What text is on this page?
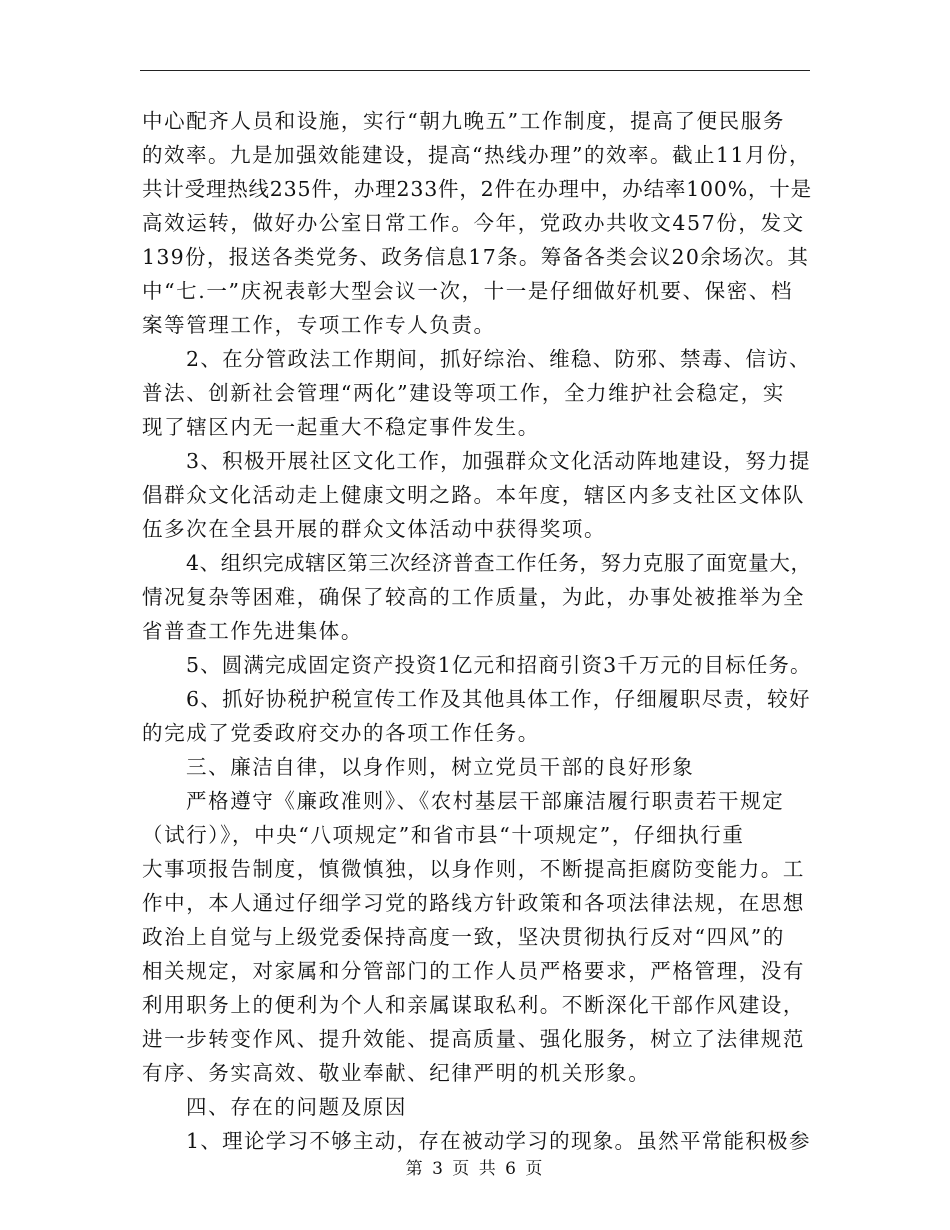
中心配齐人员和设施，实行“朝九晚五”工作制度，提高了便民服务
的效率。九是加强效能建设，提高“热线办理”的效率。截止11月份，
共计受理热线235件，办理233件，2件在办理中，办结率100%，十是
高效运转，做好办公室日常工作。今年，党政办共收文457份，发文
139份，报送各类党务、政务信息17条。筹备各类会议20余场次。其
中“七.一”庆祝表彰大型会议一次，十一是仔细做好机要、保密、档
案等管理工作，专项工作专人负责。
2、在分管政法工作期间，抓好综治、维稳、防邪、禁毒、信访、
普法、创新社会管理“两化”建设等项工作，全力维护社会稳定，实
现了辖区内无一起重大不稳定事件发生。
3、积极开展社区文化工作，加强群众文化活动阵地建设，努力提
倡群众文化活动走上健康文明之路。本年度，辖区内多支社区文体队
伍多次在全县开展的群众文体活动中获得奖项。
4、组织完成辖区第三次经济普查工作任务，努力克服了面宽量大，
情况复杂等困难，确保了较高的工作质量，为此，办事处被推举为全
省普查工作先进集体。
5、圆满完成固定资产投资1亿元和招商引资3千万元的目标任务。
6、抓好协税护税宣传工作及其他具体工作，仔细履职尽责，较好
的完成了党委政府交办的各项工作任务。
三、廉洁自律，以身作则，树立党员干部的良好形象
严格遵守《廉政准则》、《农村基层干部廉洁履行职责若干规定
（试行）》，中央“八项规定”和省市县“十项规定”，仔细执行重
大事项报告制度，慎微慎独，以身作则，不断提高拒腐防变能力。工
作中，本人通过仔细学习党的路线方针政策和各项法律法规，在思想
政治上自觉与上级党委保持高度一致，坚决贯彻执行反对“四风”的
相关规定，对家属和分管部门的工作人员严格要求，严格管理，没有
利用职务上的便利为个人和亲属谋取私利。不断深化干部作风建设，
进一步转变作风、提升效能、提高质量、强化服务，树立了法律规范
有序、务实高效、敬业奉献、纪律严明的机关形象。
四、存在的问题及原因
1、理论学习不够主动，存在被动学习的现象。虽然平常能积极参
第 3 页 共 6 页
